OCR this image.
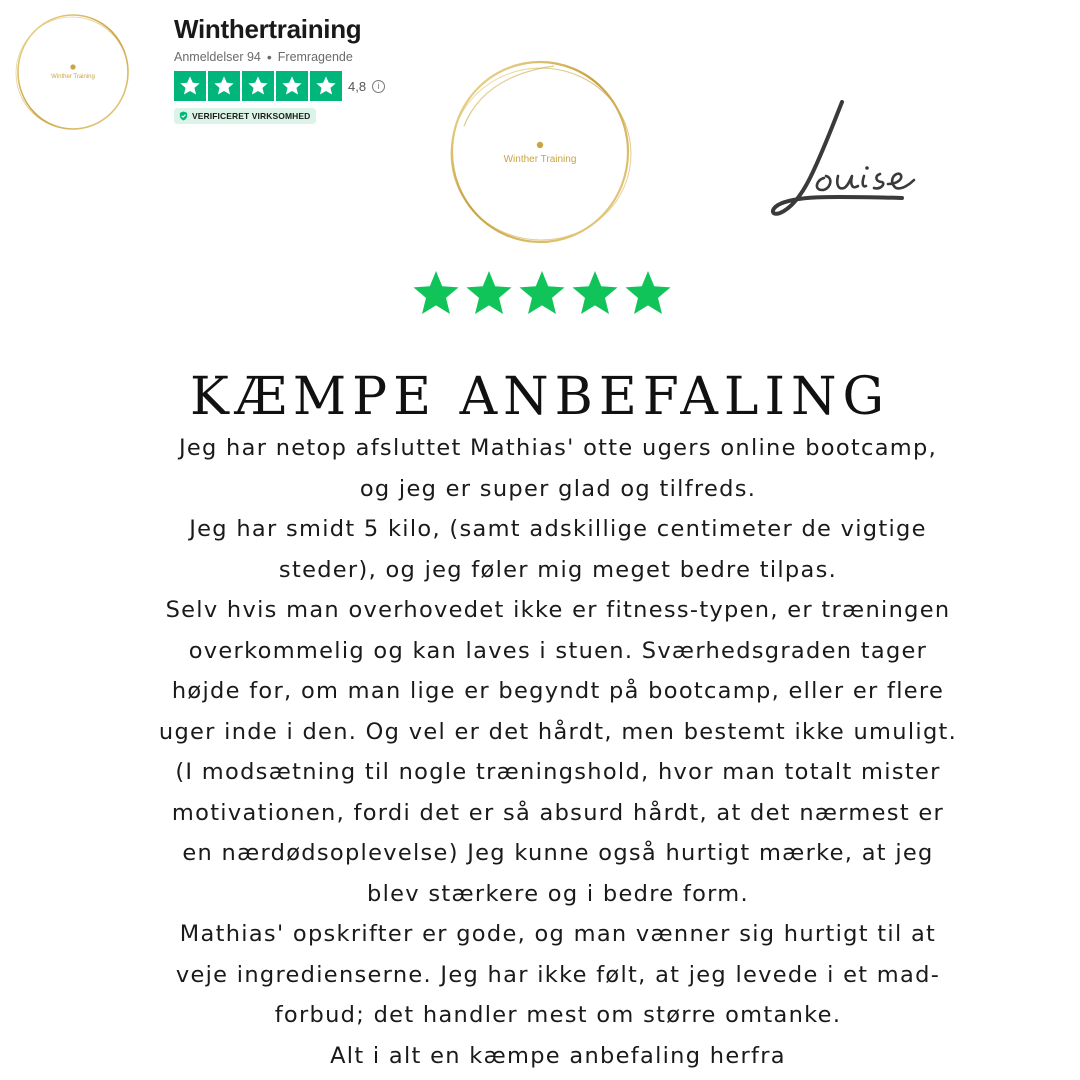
Winther Training
Winthertraining
Anmeldelser 94 • Fremragende
4,8	i
VERIFICERET VIRKSOMHED
Winther Training
KÆMPE ANBEFALING

Jeg har netop afsluttet Mathias' otte ugers online bootcamp,

og jeg er super glad og tilfreds.

Jeg har smidt 5 kilo, (samt adskillige centimeter de vigtige

steder), og jeg føler mig meget bedre tilpas.

Selv hvis man overhovedet ikke er fitness-typen, er træningen

overkommelig og kan laves i stuen. Sværhedsgraden tager

højde for, om man lige er begyndt på bootcamp, eller er flere

uger inde i den. Og vel er det hårdt, men bestemt ikke umuligt.

(I modsætning til nogle træningshold, hvor man totalt mister

motivationen, fordi det er så absurd hårdt, at det nærmest er

en nærdødsoplevelse) Jeg kunne også hurtigt mærke, at jeg

blev stærkere og i bedre form.

Mathias' opskrifter er gode, og man vænner sig hurtigt til at

veje ingredienserne. Jeg har ikke følt, at jeg levede i et mad-

forbud; det handler mest om større omtanke.

Alt i alt en kæmpe anbefaling herfra
